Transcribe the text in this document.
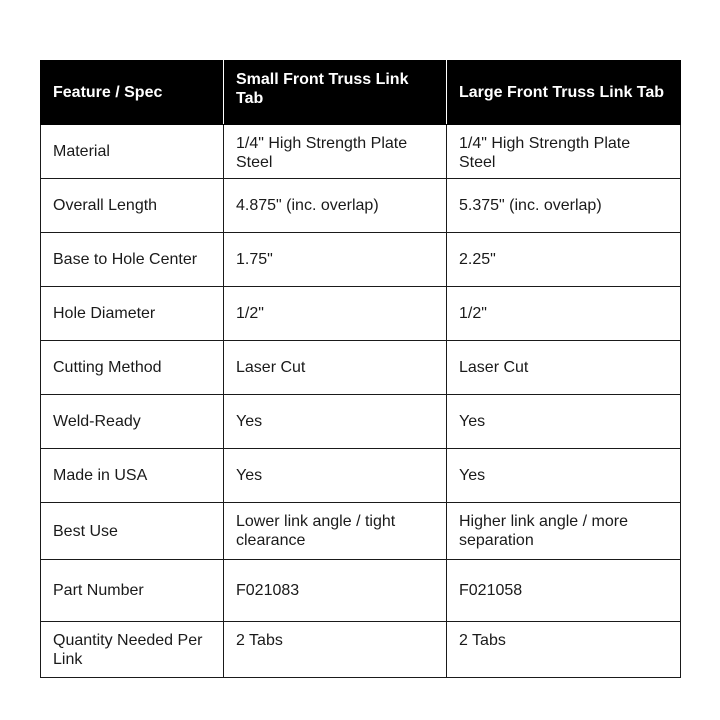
Feature / Spec	Small Front Truss Link Tab	Large Front Truss Link Tab
Material	1/4" High Strength Plate Steel	1/4" High Strength Plate Steel
Overall Length	4.875" (inc. overlap)	5.375" (inc. overlap)
Base to Hole Center	1.75"	2.25"
Hole Diameter	1/2"	1/2"
Cutting Method	Laser Cut	Laser Cut
Weld-Ready	Yes	Yes
Made in USA	Yes	Yes
Best Use	Lower link angle / tight clearance	Higher link angle / more separation
Part Number	F021083	F021058
Quantity Needed Per Link	2 Tabs	2 Tabs
